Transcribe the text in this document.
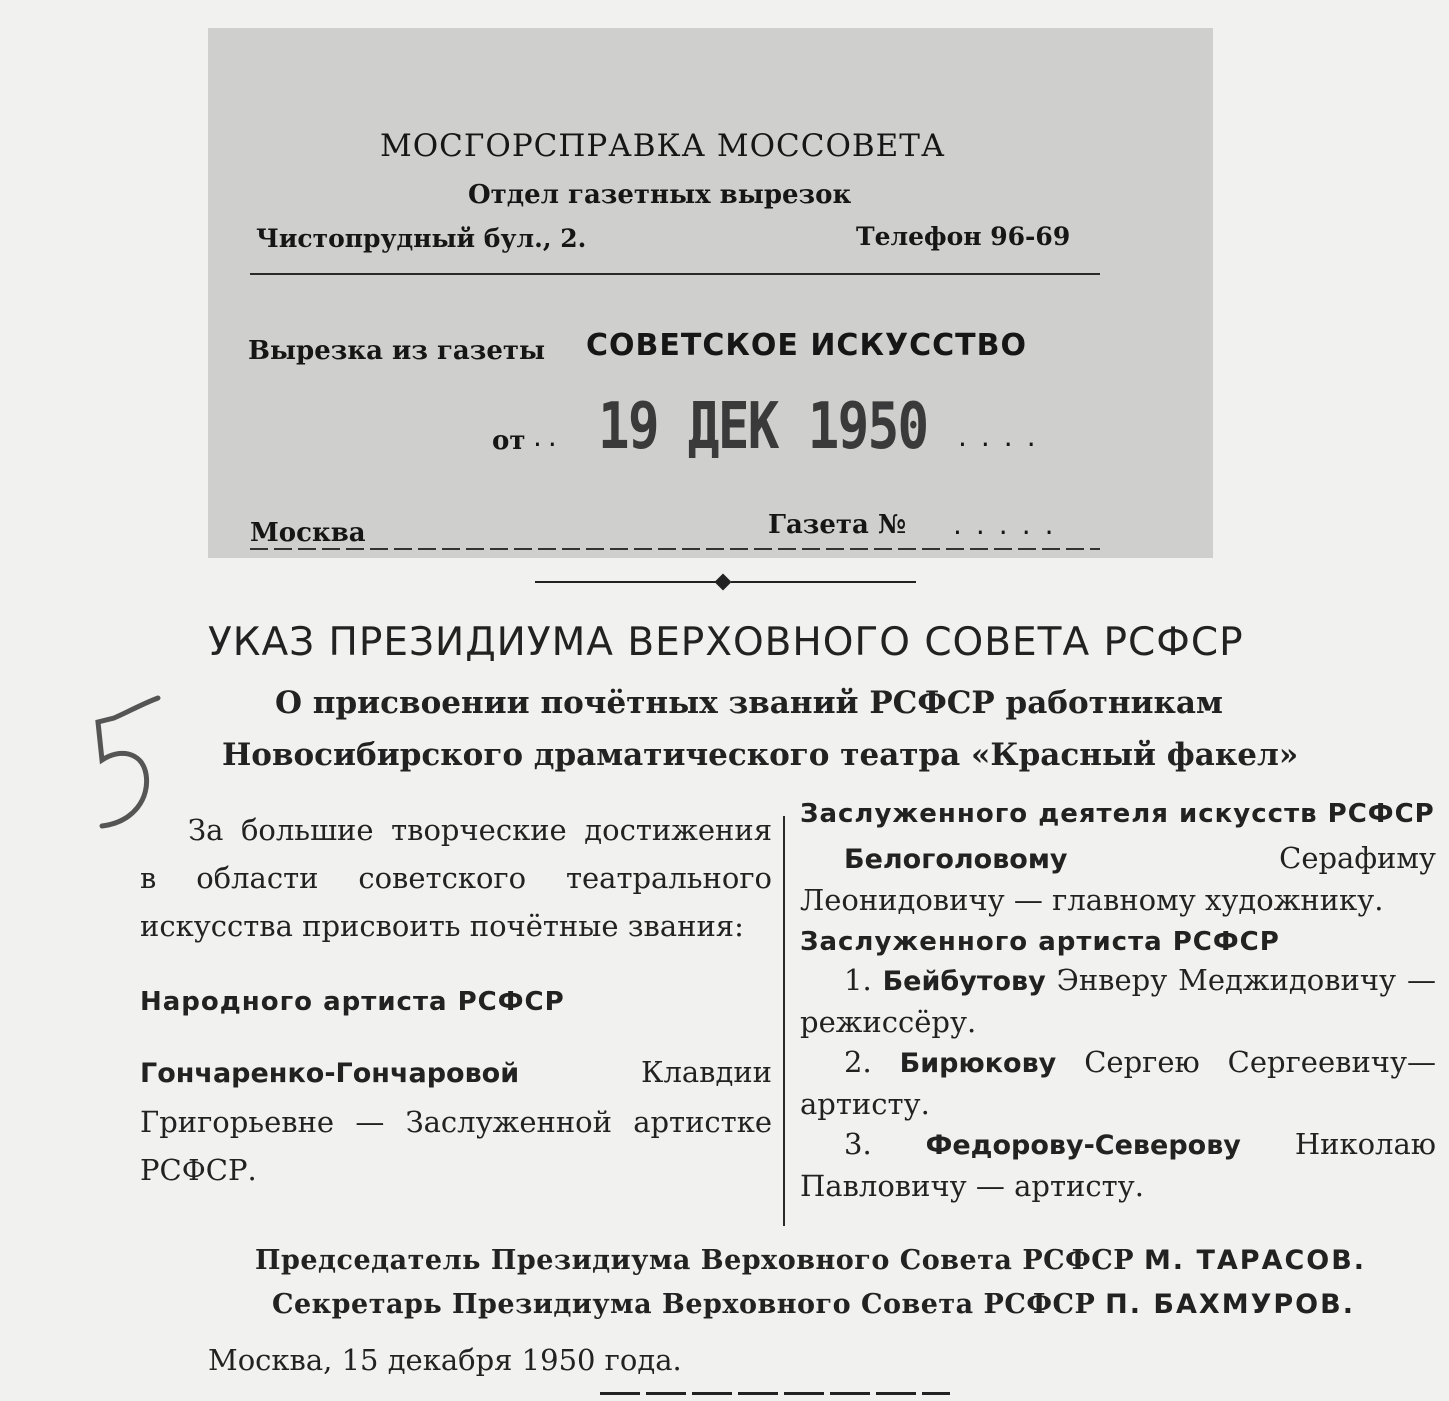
МОСГОРСПРАВКА МОССОВЕТА
Отдел газетных вырезок
Чистопрудный бул., 2.	Телефон 96-69
Вырезка из газеты СОВЕТСКОЕ ИСКУССТВО
от .. 19 ДЕК 1950 ....
Москва	Газета № .....
УКАЗ ПРЕЗИДИУМА ВЕРХОВНОГО СОВЕТА РСФСР
О присвоении почётных званий РСФСР работникам
Новосибирского драматического театра «Красный факел»

За большие творческие достижения в области советского театрального искусства присвоить почётные звания:

Народного артиста РСФСР

Гончаренко-Гончаровой	Клавдии Григорьевне — Заслуженной артистке РСФСР.

Заслуженного деятеля искусств РСФСР

Белоголовому	Серафиму Леонидовичу — главному художнику.

Заслуженного артиста РСФСР

1. Бейбутову Энверу Меджидовичу — режиссёру.

2. Бирюкову Сергею Сергеевичу— артисту.

3. Федорову-Северову Николаю Павловичу — артисту.

Председатель Президиума Верховного Совета РСФСР М. ТАРАСОВ.
Секретарь Президиума Верховного Совета РСФСР П. БАХМУРОВ.
Москва, 15 декабря 1950 года.
